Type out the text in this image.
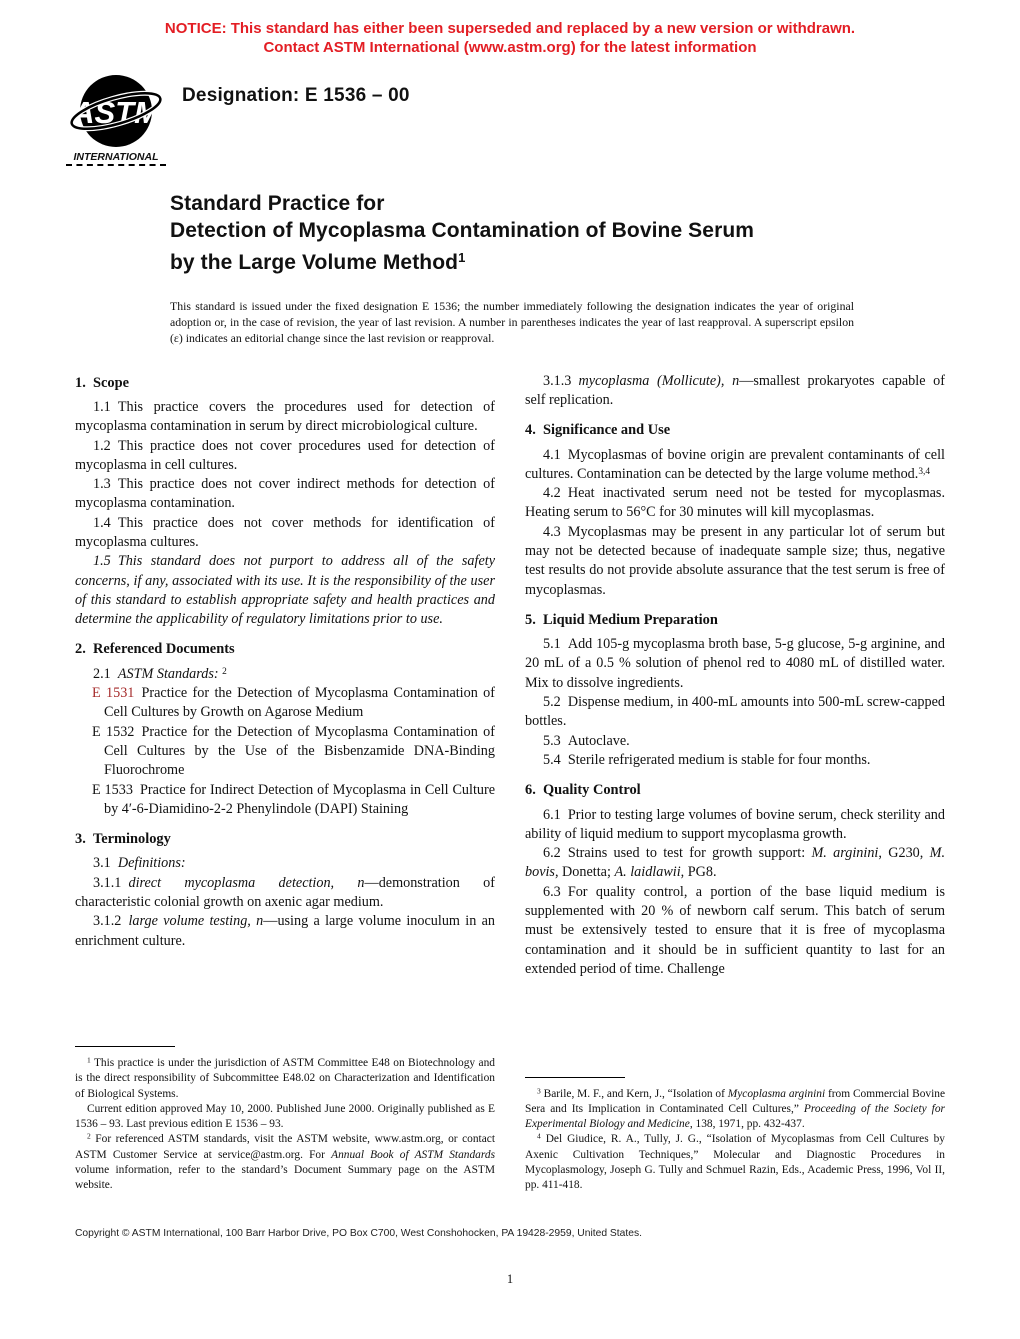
NOTICE: This standard has either been superseded and replaced by a new version or withdrawn.
Contact ASTM International (www.astm.org) for the latest information
ASTM
INTERNATIONAL
Designation: E 1536 – 00
Standard Practice for
Detection of Mycoplasma Contamination of Bovine Serum
by the Large Volume Method$^1$
This standard is issued under the fixed designation E 1536; the number immediately following the designation indicates the year of original adoption or, in the case of revision, the year of last revision. A number in parentheses indicates the year of last reapproval. A superscript epsilon (ε) indicates an editorial change since the last revision or reapproval.
1. Scope

1.1 This practice covers the procedures used for detection of mycoplasma contamination in serum by direct microbiological culture.

1.2 This practice does not cover procedures used for detection of mycoplasma in cell cultures.

1.3 This practice does not cover indirect methods for detection of mycoplasma contamination.

1.4 This practice does not cover methods for identification of mycoplasma cultures.

1.5 This standard does not purport to address all of the safety concerns, if any, associated with its use. It is the responsibility of the user of this standard to establish appropriate safety and health practices and determine the applicability of regulatory limitations prior to use.

2. Referenced Documents

2.1 ASTM Standards: $^2$

E 1531 Practice for the Detection of Mycoplasma Contamination of Cell Cultures by Growth on Agarose Medium

E 1532 Practice for the Detection of Mycoplasma Contamination of Cell Cultures by the Use of the Bisbenzamide DNA-Binding Fluorochrome

E 1533 Practice for Indirect Detection of Mycoplasma in Cell Culture by 4′-6-Diamidino-2-2 Phenylindole (DAPI) Staining

3. Terminology

3.1 Definitions:

3.1.1 direct mycoplasma detection, n—demonstration of characteristic colonial growth on axenic agar medium.

3.1.2 large volume testing, n—using a large volume inoculum in an enrichment culture.

$^1$ This practice is under the jurisdiction of ASTM Committee E48 on Biotechnology and is the direct responsibility of Subcommittee E48.02 on Characterization and Identification of Biological Systems.

Current edition approved May 10, 2000. Published June 2000. Originally published as E 1536 – 93. Last previous edition E 1536 – 93.

$^2$ For referenced ASTM standards, visit the ASTM website, www.astm.org, or contact ASTM Customer Service at service@astm.org. For Annual Book of ASTM Standards volume information, refer to the standard’s Document Summary page on the ASTM website.

3.1.3 mycoplasma (Mollicute), n—smallest prokaryotes capable of self replication.

4. Significance and Use

4.1 Mycoplasmas of bovine origin are prevalent contaminants of cell cultures. Contamination can be detected by the large volume method.$^{3,4}$

4.2 Heat inactivated serum need not be tested for mycoplasmas. Heating serum to 56°C for 30 minutes will kill mycoplasmas.

4.3 Mycoplasmas may be present in any particular lot of serum but may not be detected because of inadequate sample size; thus, negative test results do not provide absolute assurance that the test serum is free of mycoplasmas.

5. Liquid Medium Preparation

5.1 Add 105-g mycoplasma broth base, 5-g glucose, 5-g arginine, and 20 mL of a 0.5 % solution of phenol red to 4080 mL of distilled water. Mix to dissolve ingredients.

5.2 Dispense medium, in 400-mL amounts into 500-mL screw-capped bottles.

5.3 Autoclave.

5.4 Sterile refrigerated medium is stable for four months.

6. Quality Control

6.1 Prior to testing large volumes of bovine serum, check sterility and ability of liquid medium to support mycoplasma growth.

6.2 Strains used to test for growth support: M. arginini, G230, M. bovis, Donetta; A. laidlawii, PG8.

6.3 For quality control, a portion of the base liquid medium is supplemented with 20 % of newborn calf serum. This batch of serum must be extensively tested to ensure that it is free of mycoplasma contamination and it should be in sufficient quantity to last for an extended period of time. Challenge

$^3$ Barile, M. F., and Kern, J., “Isolation of Mycoplasma arginini from Commercial Bovine Sera and Its Implication in Contaminated Cell Cultures,” Proceeding of the Society for Experimental Biology and Medicine, 138, 1971, pp. 432-437.

$^4$ Del Giudice, R. A., Tully, J. G., “Isolation of Mycoplasmas from Cell Cultures by Axenic Cultivation Techniques,” Molecular and Diagnostic Procedures in Mycoplasmology, Joseph G. Tully and Schmuel Razin, Eds., Academic Press, 1996, Vol II, pp. 411-418.

Copyright © ASTM International, 100 Barr Harbor Drive, PO Box C700, West Conshohocken, PA 19428-2959, United States.
1
